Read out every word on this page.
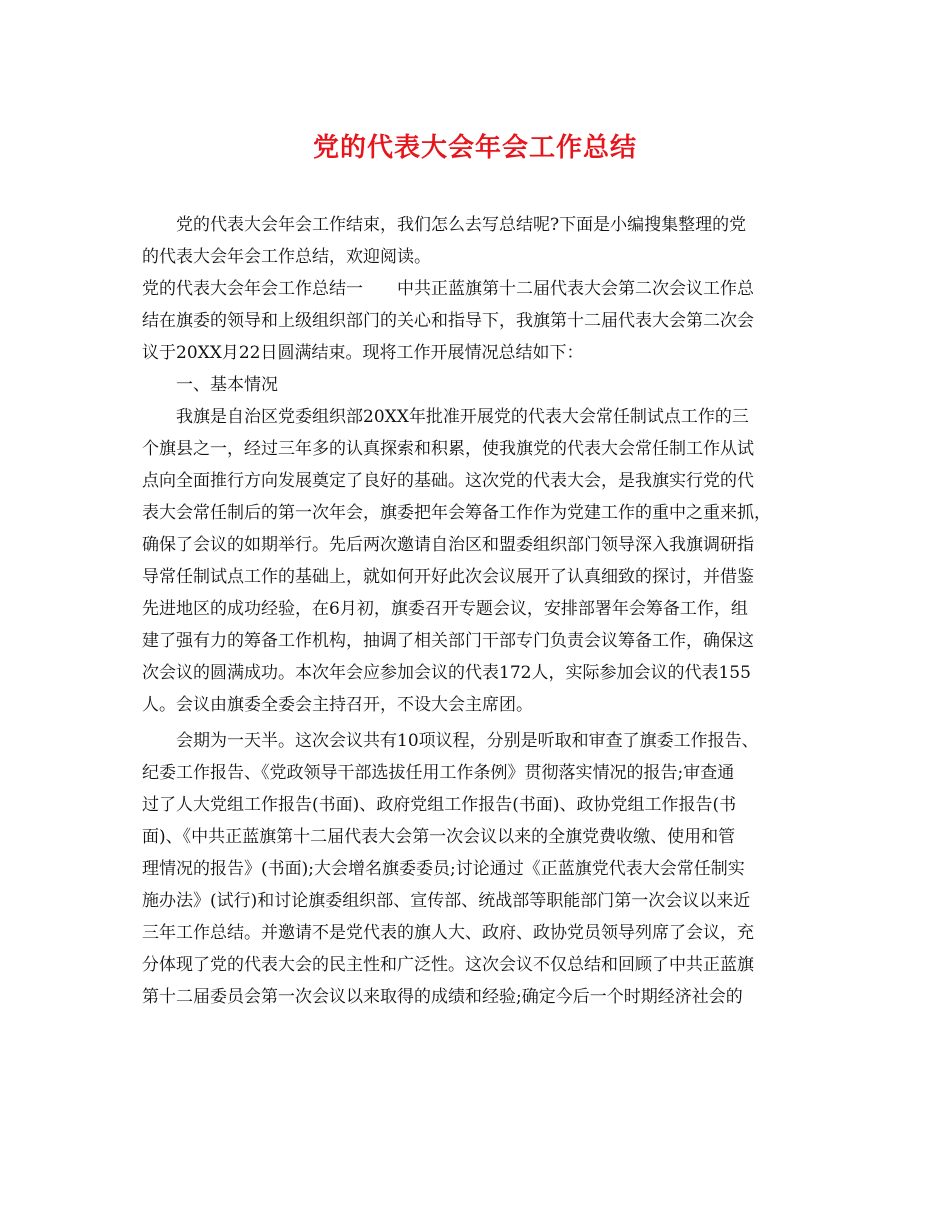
党的代表大会年会工作总结
党的代表大会年会工作结束，我们怎么去写总结呢?下面是小编搜集整理的党
的代表大会年会工作总结，欢迎阅读。
党的代表大会年会工作总结一　　中共正蓝旗第十二届代表大会第二次会议工作总
结在旗委的领导和上级组织部门的关心和指导下，我旗第十二届代表大会第二次会
议于20XX月22日圆满结束。现将工作开展情况总结如下：
一、基本情况
我旗是自治区党委组织部20XX年批准开展党的代表大会常任制试点工作的三
个旗县之一，经过三年多的认真探索和积累，使我旗党的代表大会常任制工作从试
点向全面推行方向发展奠定了良好的基础。这次党的代表大会，是我旗实行党的代
表大会常任制后的第一次年会，旗委把年会筹备工作作为党建工作的重中之重来抓，
确保了会议的如期举行。先后两次邀请自治区和盟委组织部门领导深入我旗调研指
导常任制试点工作的基础上，就如何开好此次会议展开了认真细致的探讨，并借鉴
先进地区的成功经验，在6月初，旗委召开专题会议，安排部署年会筹备工作，组
建了强有力的筹备工作机构，抽调了相关部门干部专门负责会议筹备工作，确保这
次会议的圆满成功。本次年会应参加会议的代表172人，实际参加会议的代表155
人。会议由旗委全委会主持召开，不设大会主席团。
会期为一天半。这次会议共有10项议程，分别是听取和审查了旗委工作报告、
纪委工作报告、《党政领导干部选拔任用工作条例》贯彻落实情况的报告;审查通
过了人大党组工作报告(书面)、政府党组工作报告(书面)、政协党组工作报告(书
面)、《中共正蓝旗第十二届代表大会第一次会议以来的全旗党费收缴、使用和管
理情况的报告》(书面);大会增名旗委委员;讨论通过《正蓝旗党代表大会常任制实
施办法》(试行)和讨论旗委组织部、宣传部、统战部等职能部门第一次会议以来近
三年工作总结。并邀请不是党代表的旗人大、政府、政协党员领导列席了会议，充
分体现了党的代表大会的民主性和广泛性。这次会议不仅总结和回顾了中共正蓝旗
第十二届委员会第一次会议以来取得的成绩和经验;确定今后一个时期经济社会的
